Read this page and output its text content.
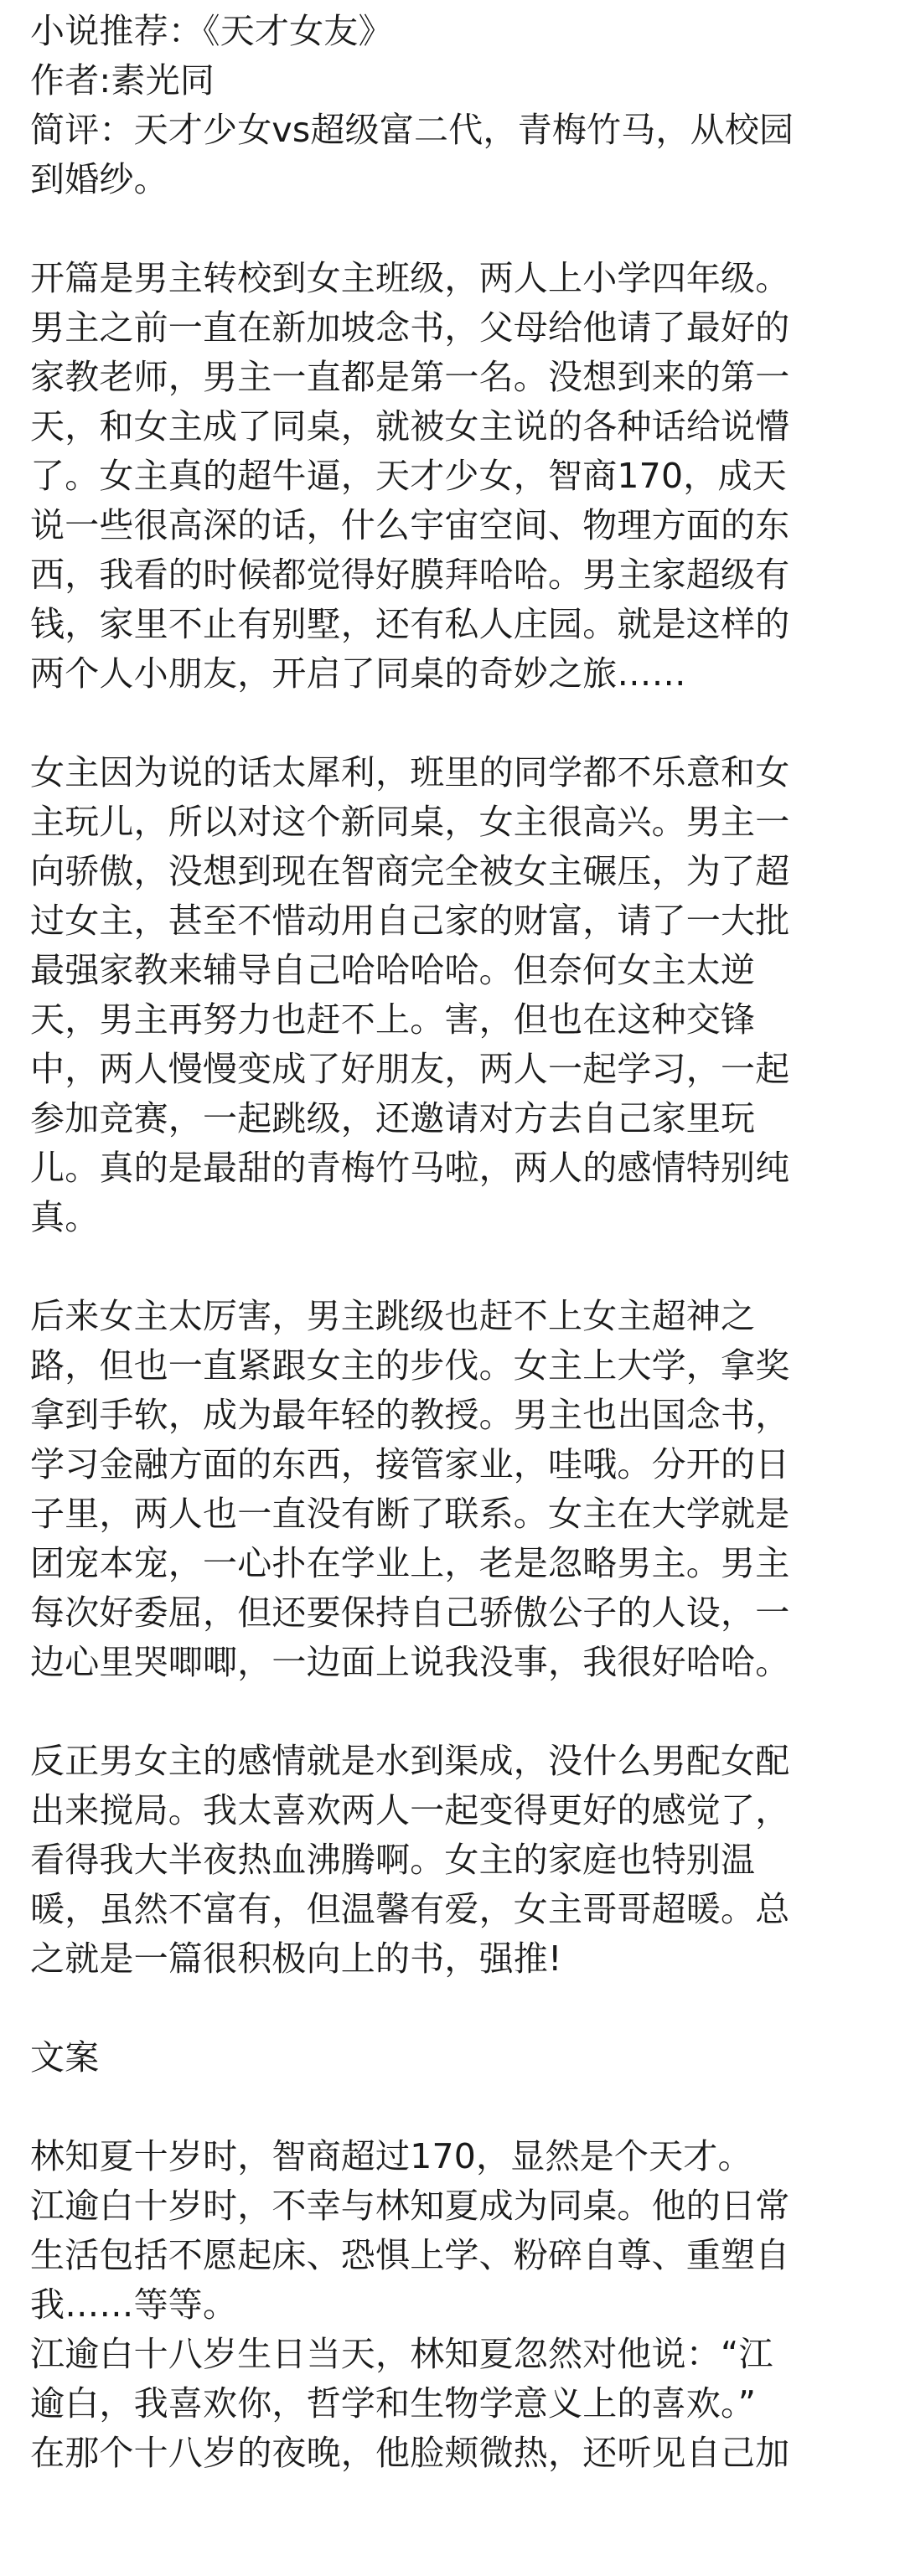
小说推荐：《天才女友》
作者:素光同
简评：天才少女vs超级富二代，青梅竹马，从校园
到婚纱。
开篇是男主转校到女主班级，两人上小学四年级。
男主之前一直在新加坡念书，父母给他请了最好的
家教老师，男主一直都是第一名。没想到来的第一
天，和女主成了同桌，就被女主说的各种话给说懵
了。女主真的超牛逼，天才少女，智商170，成天
说一些很高深的话，什么宇宙空间、物理方面的东
西，我看的时候都觉得好膜拜哈哈。男主家超级有
钱，家里不止有别墅，还有私人庄园。就是这样的
两个人小朋友，开启了同桌的奇妙之旅……
女主因为说的话太犀利，班里的同学都不乐意和女
主玩儿，所以对这个新同桌，女主很高兴。男主一
向骄傲，没想到现在智商完全被女主碾压，为了超
过女主，甚至不惜动用自己家的财富，请了一大批
最强家教来辅导自己哈哈哈哈。但奈何女主太逆
天，男主再努力也赶不上。害，但也在这种交锋
中，两人慢慢变成了好朋友，两人一起学习，一起
参加竞赛，一起跳级，还邀请对方去自己家里玩
儿。真的是最甜的青梅竹马啦，两人的感情特别纯
真。
后来女主太厉害，男主跳级也赶不上女主超神之
路，但也一直紧跟女主的步伐。女主上大学，拿奖
拿到手软，成为最年轻的教授。男主也出国念书，
学习金融方面的东西，接管家业，哇哦。分开的日
子里，两人也一直没有断了联系。女主在大学就是
团宠本宠，一心扑在学业上，老是忽略男主。男主
每次好委屈，但还要保持自己骄傲公子的人设，一
边心里哭唧唧，一边面上说我没事，我很好哈哈。
反正男女主的感情就是水到渠成，没什么男配女配
出来搅局。我太喜欢两人一起变得更好的感觉了，
看得我大半夜热血沸腾啊。女主的家庭也特别温
暖，虽然不富有，但温馨有爱，女主哥哥超暖。总
之就是一篇很积极向上的书，强推!
文案
林知夏十岁时，智商超过170，显然是个天才。
江逾白十岁时，不幸与林知夏成为同桌。他的日常
生活包括不愿起床、恐惧上学、粉碎自尊、重塑自
我……等等。
江逾白十八岁生日当天，林知夏忽然对他说：“江
逾白，我喜欢你，哲学和生物学意义上的喜欢。”
在那个十八岁的夜晚，他脸颊微热，还听见自己加
